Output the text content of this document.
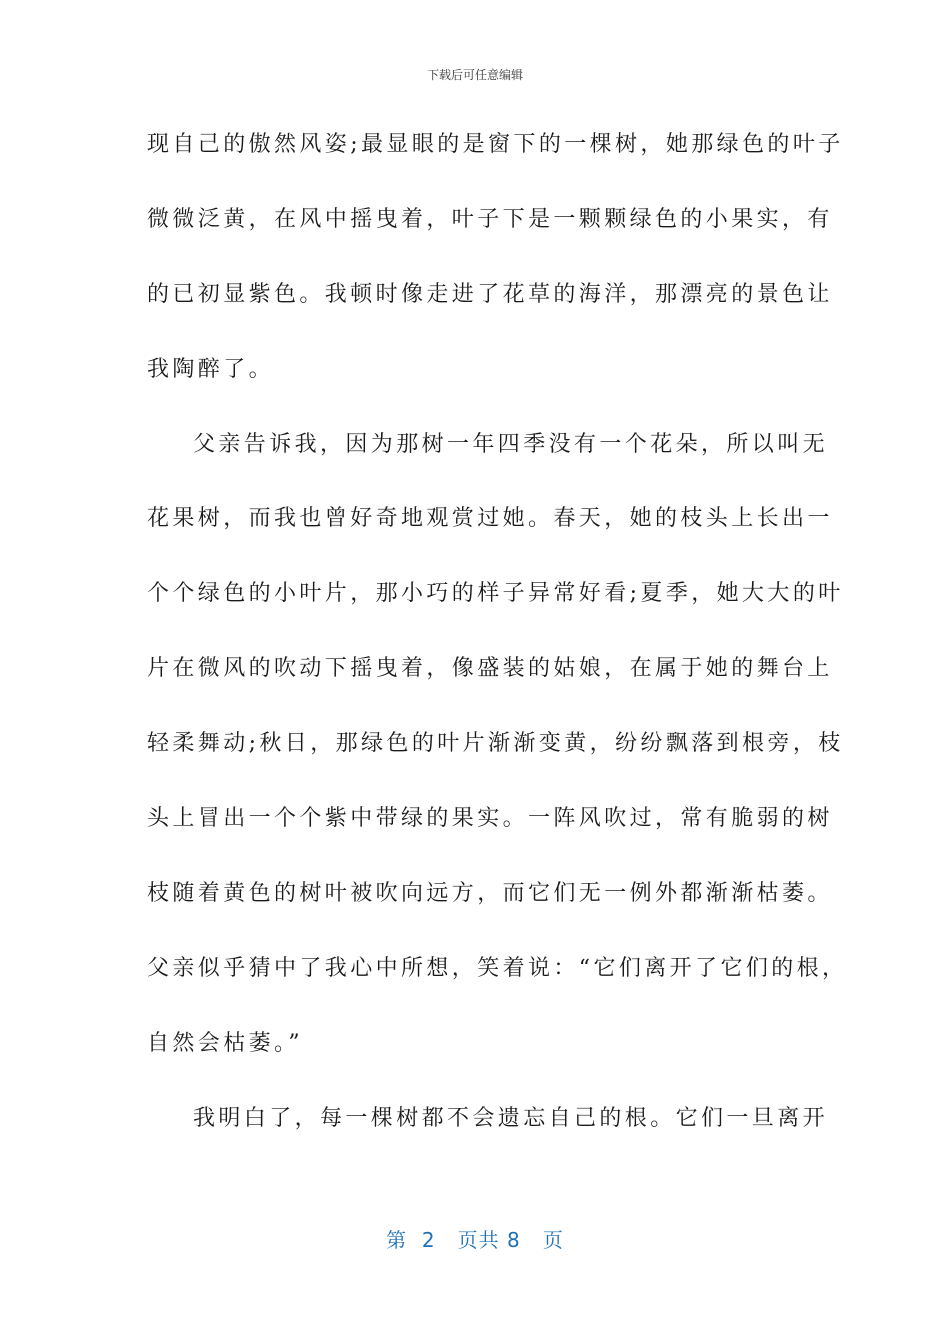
下载后可任意编辑
现自己的傲然风姿;最显眼的是窗下的一棵树，她那绿色的叶子
微微泛黄，在风中摇曳着，叶子下是一颗颗绿色的小果实，有
的已初显紫色。我顿时像走进了花草的海洋，那漂亮的景色让
我陶醉了。
父亲告诉我，因为那树一年四季没有一个花朵，所以叫无
花果树，而我也曾好奇地观赏过她。春天，她的枝头上长出一
个个绿色的小叶片，那小巧的样子异常好看;夏季，她大大的叶
片在微风的吹动下摇曳着，像盛装的姑娘，在属于她的舞台上
轻柔舞动;秋日，那绿色的叶片渐渐变黄，纷纷飘落到根旁，枝
头上冒出一个个紫中带绿的果实。一阵风吹过，常有脆弱的树
枝随着黄色的树叶被吹向远方，而它们无一例外都渐渐枯萎。
父亲似乎猜中了我心中所想，笑着说：“它们离开了它们的根，
自然会枯萎。”
我明白了，每一棵树都不会遗忘自己的根。它们一旦离开
第  2   页共 8   页
